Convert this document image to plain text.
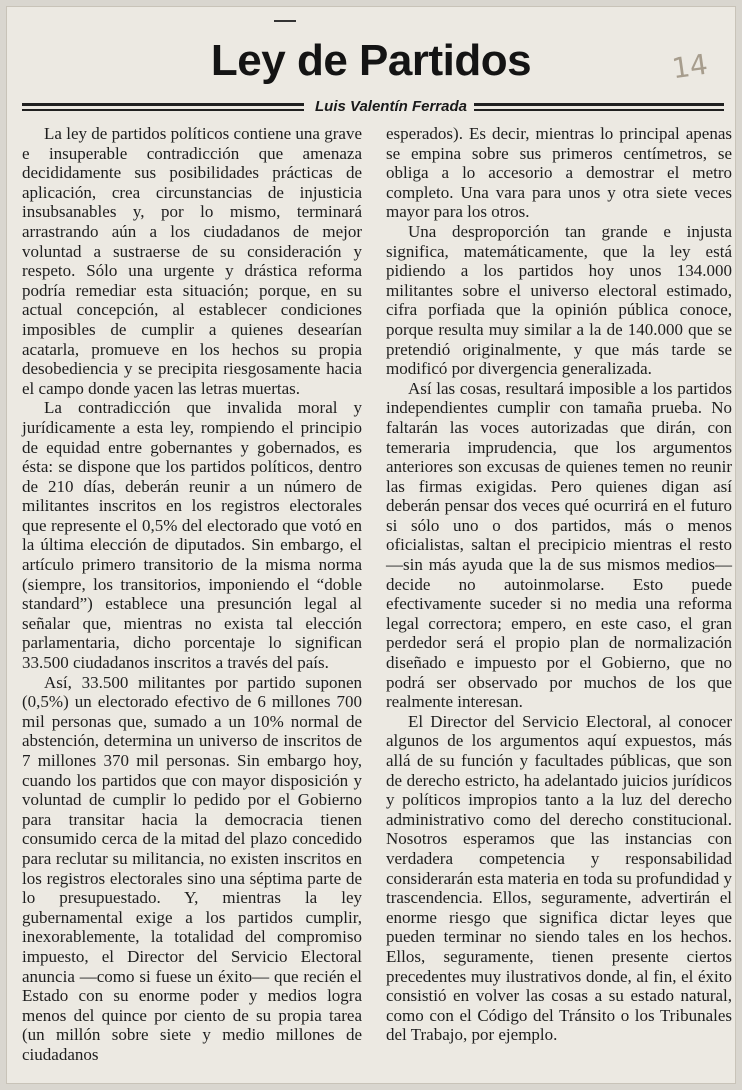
Ley de Partidos	14
Luis Valentín Ferrada

La ley de partidos políticos contiene una grave e insuperable contradicción que amenaza decididamente sus posibilidades prácticas de aplicación, crea circunstancias de injusticia insubsanables y, por lo mismo, terminará arrastrando aún a los ciudadanos de mejor voluntad a sustraerse de su consideración y respeto. Sólo una urgente y drástica reforma podría remediar esta situación; porque, en su actual concepción, al establecer condiciones imposibles de cumplir a quienes desearían acatarla, promueve en los hechos su propia desobediencia y se precipita riesgosamente hacia el campo donde yacen las letras muertas.

La contradicción que invalida moral y jurídicamente a esta ley, rompiendo el principio de equidad entre gobernantes y gobernados, es ésta: se dispone que los partidos políticos, dentro de 210 días, deberán reunir a un número de militantes inscritos en los registros electorales que represente el 0,5% del electorado que votó en la última elección de diputados. Sin embargo, el artículo primero transitorio de la misma norma (siempre, los transitorios, imponiendo el “doble standard”) establece una presunción legal al señalar que, mientras no exista tal elección parlamentaria, dicho porcentaje lo significan 33.500 ciudadanos inscritos a través del país.

Así, 33.500 militantes por partido suponen (0,5%) un electorado efectivo de 6 millones 700 mil personas que, sumado a un 10% normal de abstención, determina un universo de inscritos de 7 millones 370 mil personas. Sin embargo hoy, cuando los partidos que con mayor disposición y voluntad de cumplir lo pedido por el Gobierno para transitar hacia la democracia tienen consumido cerca de la mitad del plazo concedido para reclutar su militancia, no existen inscritos en los registros electorales sino una séptima parte de lo presupuestado. Y, mientras la ley gubernamental exige a los partidos cumplir, inexorablemente, la totalidad del compromiso impuesto, el Director del Servicio Electoral anuncia —como si fuese un éxito— que recién el Estado con su enorme poder y medios logra menos del quince por ciento de su propia tarea (un millón sobre siete y medio millones de ciudadanos

esperados). Es decir, mientras lo principal apenas se empina sobre sus primeros centímetros, se obliga a lo accesorio a demostrar el metro completo. Una vara para unos y otra siete veces mayor para los otros.

Una desproporción tan grande e injusta significa, matemáticamente, que la ley está pidiendo a los partidos hoy unos 134.000 militantes sobre el universo electoral estimado, cifra porfiada que la opinión pública conoce, porque resulta muy similar a la de 140.000 que se pretendió originalmente, y que más tarde se modificó por divergencia generalizada.

Así las cosas, resultará imposible a los partidos independientes cumplir con tamaña prueba. No faltarán las voces autorizadas que dirán, con temeraria imprudencia, que los argumentos anteriores son excusas de quienes temen no reunir las firmas exigidas. Pero quienes digan así deberán pensar dos veces qué ocurrirá en el futuro si sólo uno o dos partidos, más o menos oficialistas, saltan el precipicio mientras el resto —sin más ayuda que la de sus mismos medios— decide no autoinmolarse. Esto puede efectivamente suceder si no media una reforma legal correctora; empero, en este caso, el gran perdedor será el propio plan de normalización diseñado e impuesto por el Gobierno, que no podrá ser observado por muchos de los que realmente interesan.

El Director del Servicio Electoral, al conocer algunos de los argumentos aquí expuestos, más allá de su función y facultades públicas, que son de derecho estricto, ha adelantado juicios jurídicos y políticos impropios tanto a la luz del derecho administrativo como del derecho constitucional. Nosotros esperamos que las instancias con verdadera competencia y responsabilidad considerarán esta materia en toda su profundidad y trascendencia. Ellos, seguramente, advertirán el enorme riesgo que significa dictar leyes que pueden terminar no siendo tales en los hechos. Ellos, seguramente, tienen presente ciertos precedentes muy ilustrativos donde, al fin, el éxito consistió en volver las cosas a su estado natural, como con el Código del Tránsito o los Tribunales del Trabajo, por ejemplo.
